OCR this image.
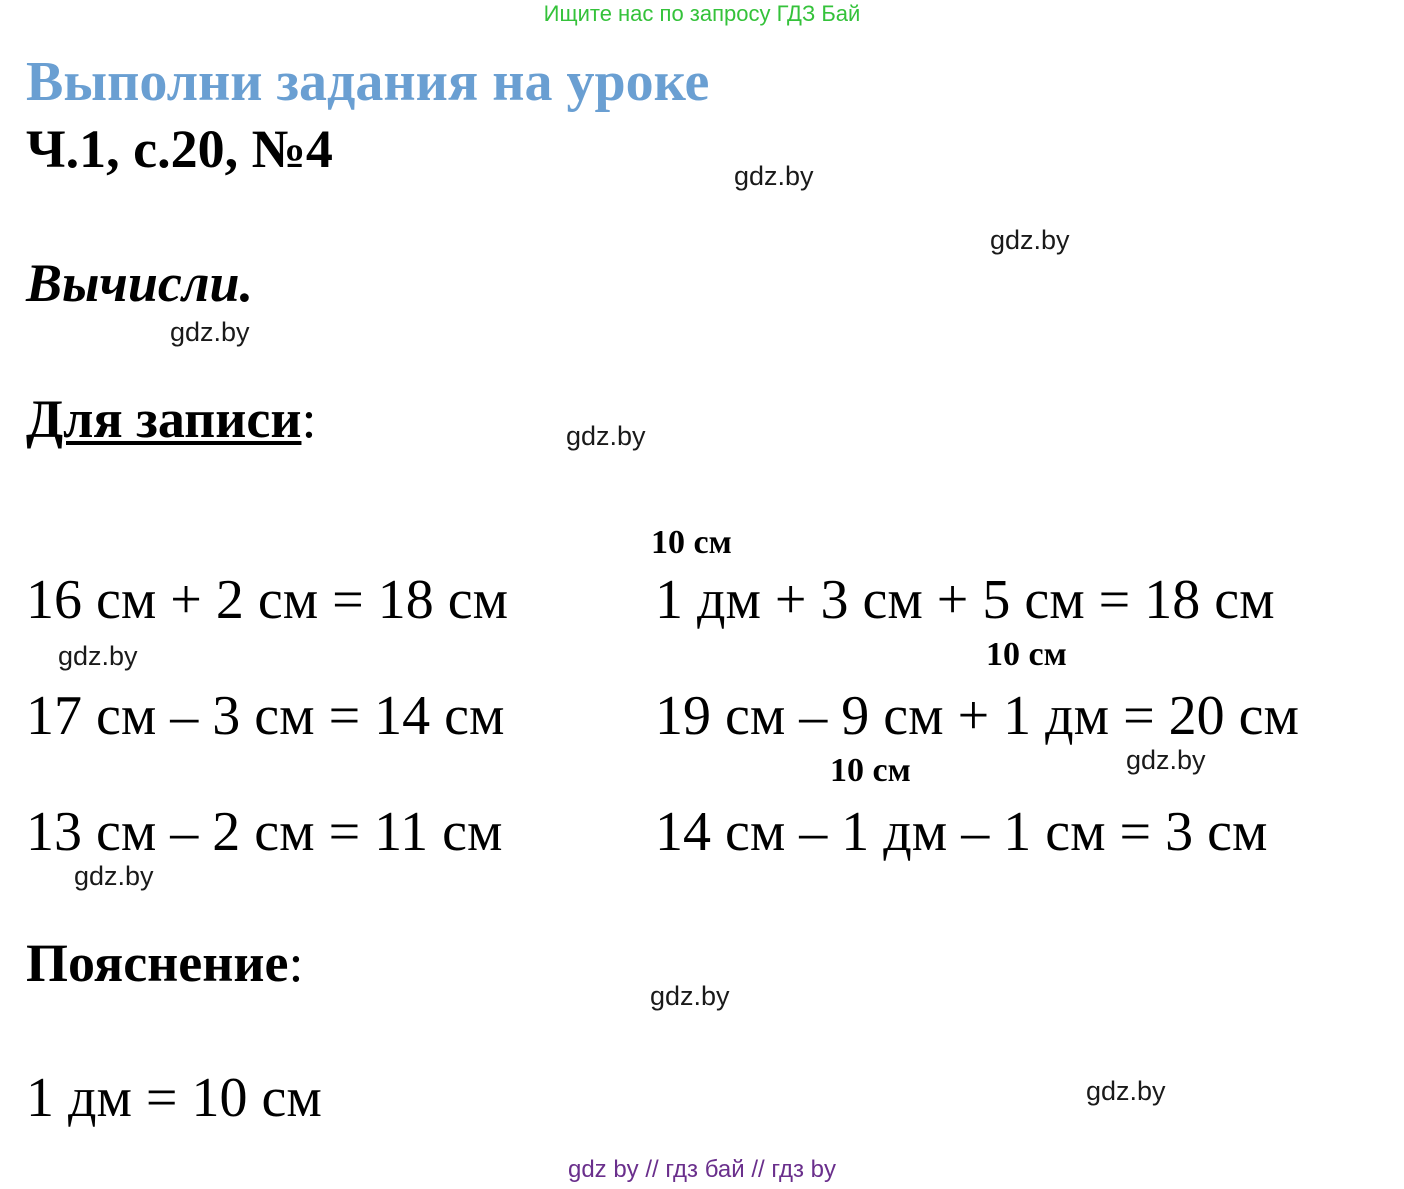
Ищите нас по запросу ГДЗ Бай
Выполни задания на уроке
Ч.1, с.20, №4
Вычисли.
Для записи:
16 см + 2 см = 18 см
17 см – 3 см = 14 см
13 см – 2 см = 11 см
10 см
1 дм + 3 см + 5 см = 18 см
10 см
19 см – 9 см + 1 дм = 20 см
10 см
14 см – 1 дм – 1 см = 3 см
Пояснение:
1 дм = 10 см
gdz.by
gdz.by
gdz.by
gdz.by
gdz.by
gdz.by
gdz.by
gdz.by
gdz.by
gdz by // гдз бай // гдз by
